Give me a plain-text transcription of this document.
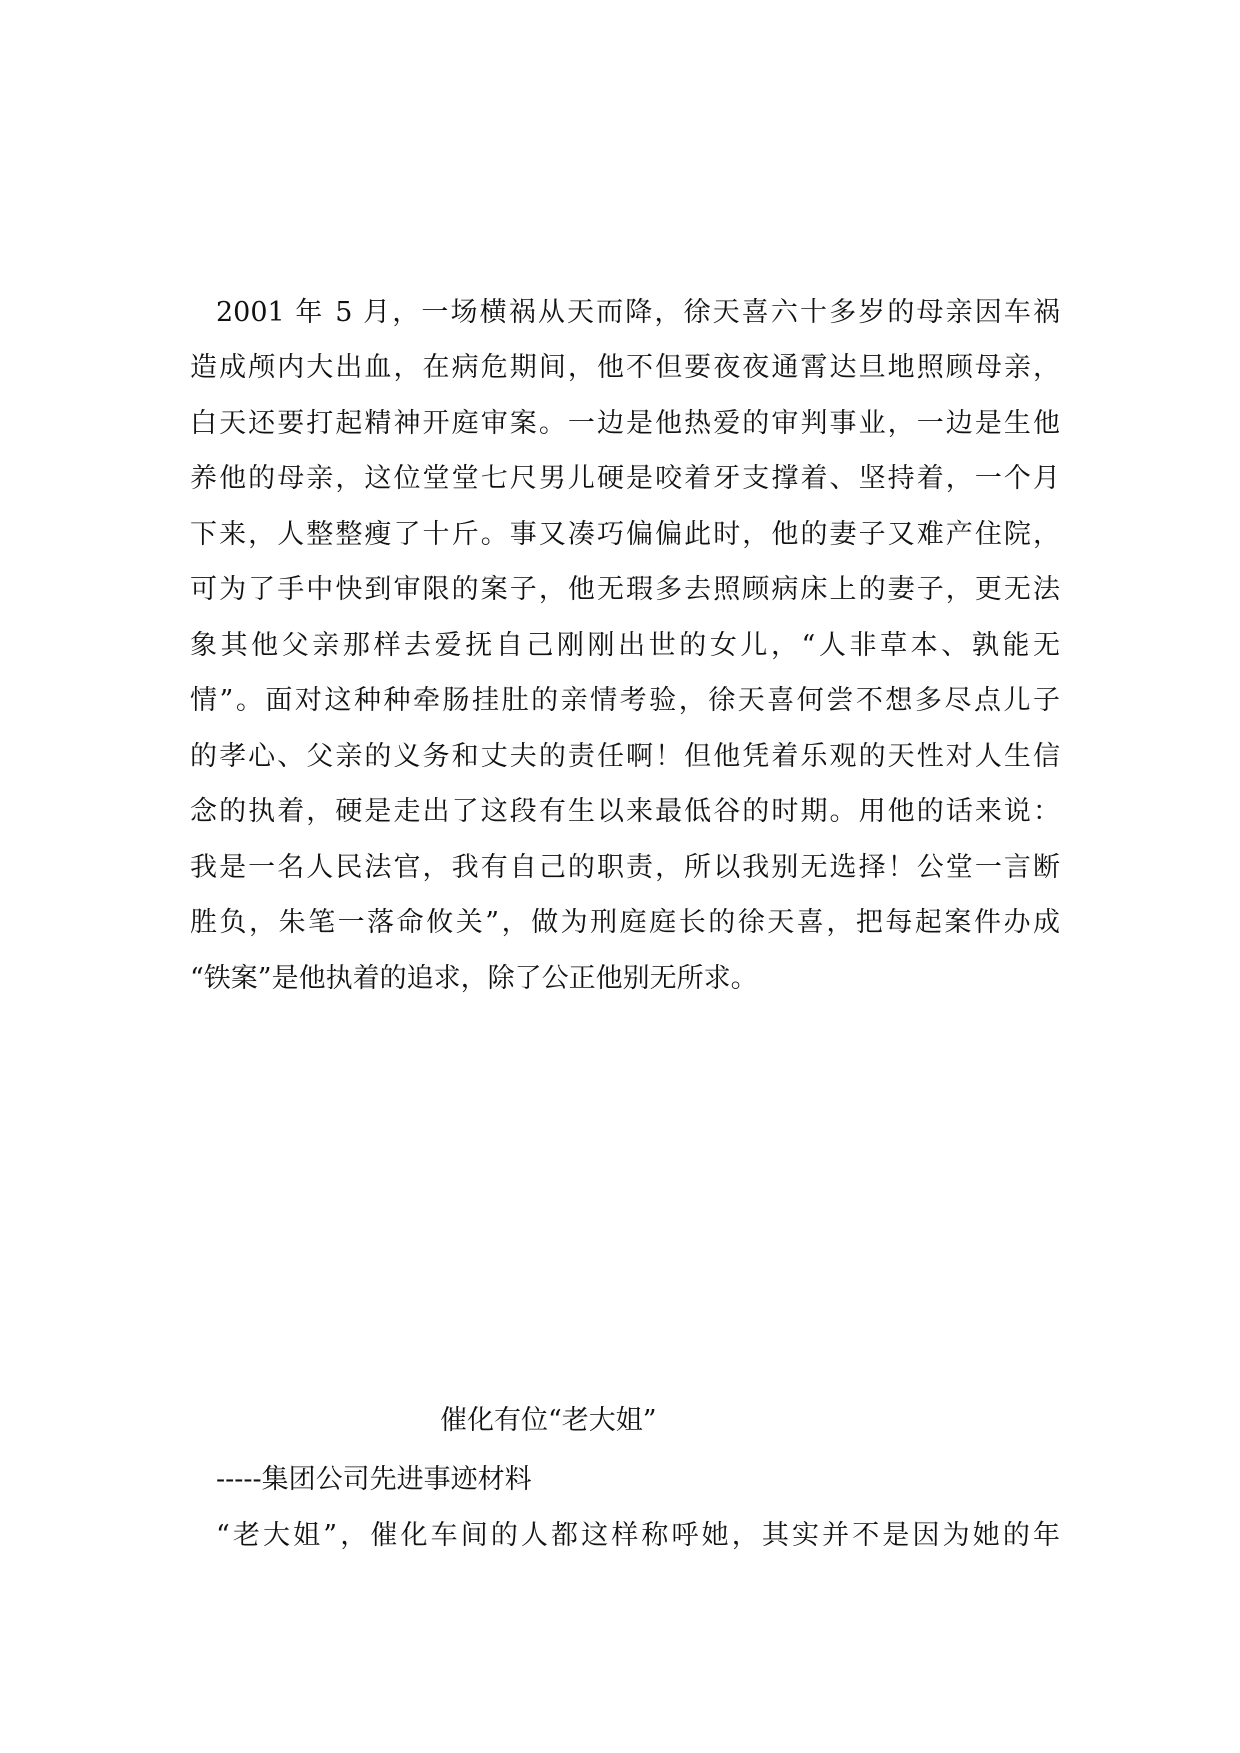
2001 年 5 月，一场横祸从天而降，徐天喜六十多岁的母亲因车祸
造成颅内大出血，在病危期间，他不但要夜夜通霄达旦地照顾母亲，
白天还要打起精神开庭审案。一边是他热爱的审判事业，一边是生他
养他的母亲，这位堂堂七尺男儿硬是咬着牙支撑着、坚持着，一个月
下来，人整整瘦了十斤。事又凑巧偏偏此时，他的妻子又难产住院，
可为了手中快到审限的案子，他无瑕多去照顾病床上的妻子，更无法
象其他父亲那样去爱抚自己刚刚出世的女儿，“人非草本、孰能无
情”。面对这种种牵肠挂肚的亲情考验，徐天喜何尝不想多尽点儿子
的孝心、父亲的义务和丈夫的责任啊！但他凭着乐观的天性对人生信
念的执着，硬是走出了这段有生以来最低谷的时期。用他的话来说：
我是一名人民法官，我有自己的职责，所以我别无选择！公堂一言断
胜负，朱笔一落命攸关”，做为刑庭庭长的徐天喜，把每起案件办成
“铁案”是他执着的追求，除了公正他别无所求。
催化有位“老大姐”
-----集团公司先进事迹材料
“老大姐”，催化车间的人都这样称呼她，其实并不是因为她的年
